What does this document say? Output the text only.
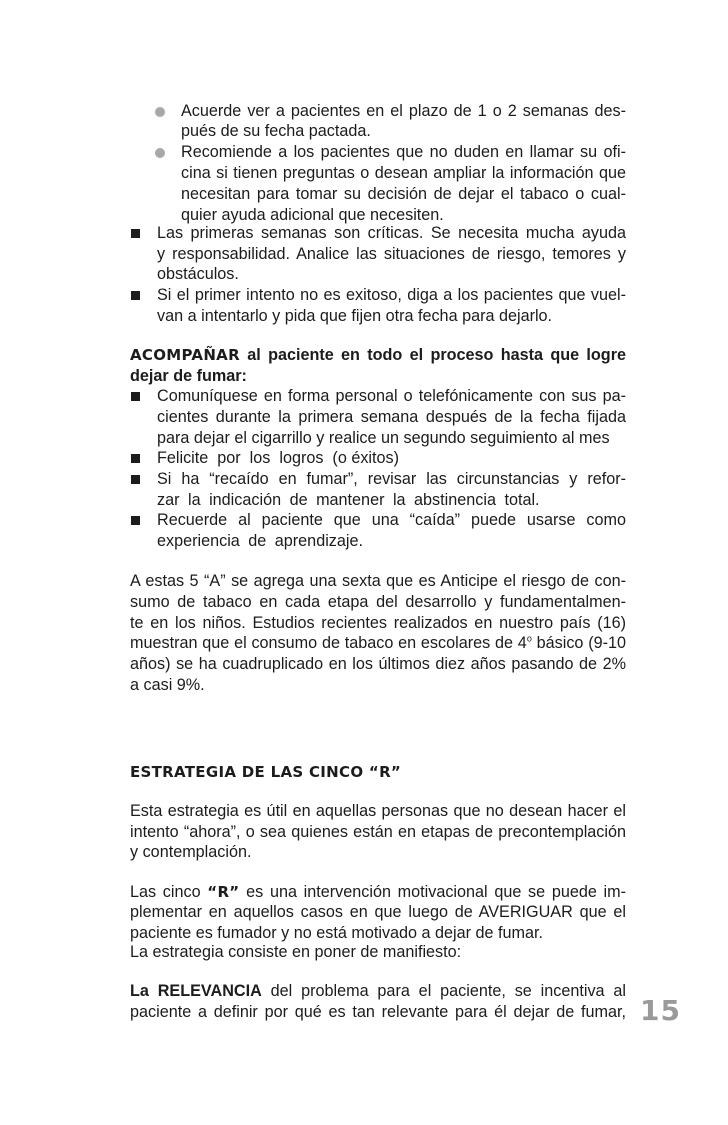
Acuerde ver a pacientes en el plazo de 1 o 2 semanas des-
pués de su fecha pactada.
Recomiende a los pacientes que no duden en llamar su ofi-
cina si tienen preguntas o desean ampliar la información que
necesitan para tomar su decisión de dejar el tabaco o cual-
quier ayuda adicional que necesiten.
Las primeras semanas son críticas. Se necesita mucha ayuda
y responsabilidad. Analice las situaciones de riesgo, temores y
obstáculos.
Si el primer intento no es exitoso, diga a los pacientes que vuel-
van a intentarlo y pida que fijen otra fecha para dejarlo.
ACOMPAÑAR al paciente en todo el proceso hasta que logre
dejar de fumar:
Comuníquese en forma personal o telefónicamente con sus pa-
cientes durante la primera semana después de la fecha fijada
para dejar el cigarrillo y realice un segundo seguimiento al mes
Felicite  por  los  logros  (o éxitos)
Si ha “recaído en fumar”, revisar las circunstancias y refor-
zar la indicación de mantener la abstinencia total.
Recuerde al paciente que una “caída” puede usarse como
experiencia de aprendizaje.
A estas 5 “A” se agrega una sexta que es Anticipe el riesgo de con-
sumo de tabaco en cada etapa del desarrollo y fundamentalmen-
te en los niños. Estudios recientes realizados en nuestro país (16)
muestran que el consumo de tabaco en escolares de 4$^o$ básico (9-10
años) se ha cuadruplicado en los últimos diez años pasando de 2%
a casi 9%.
ESTRATEGIA DE LAS CINCO “R”
Esta estrategia es útil en aquellas personas que no desean hacer el
intento “ahora”, o sea quienes están en etapas de precontemplación
y contemplación.
Las cinco “R” es una intervención motivacional que se puede im-
plementar en aquellos casos en que luego de AVERIGUAR que el
paciente es fumador y no está motivado a dejar de fumar.
La estrategia consiste en poner de manifiesto:
La RELEVANCIA del problema para el paciente, se incentiva al
paciente a definir por qué es tan relevante para él dejar de fumar, 15
